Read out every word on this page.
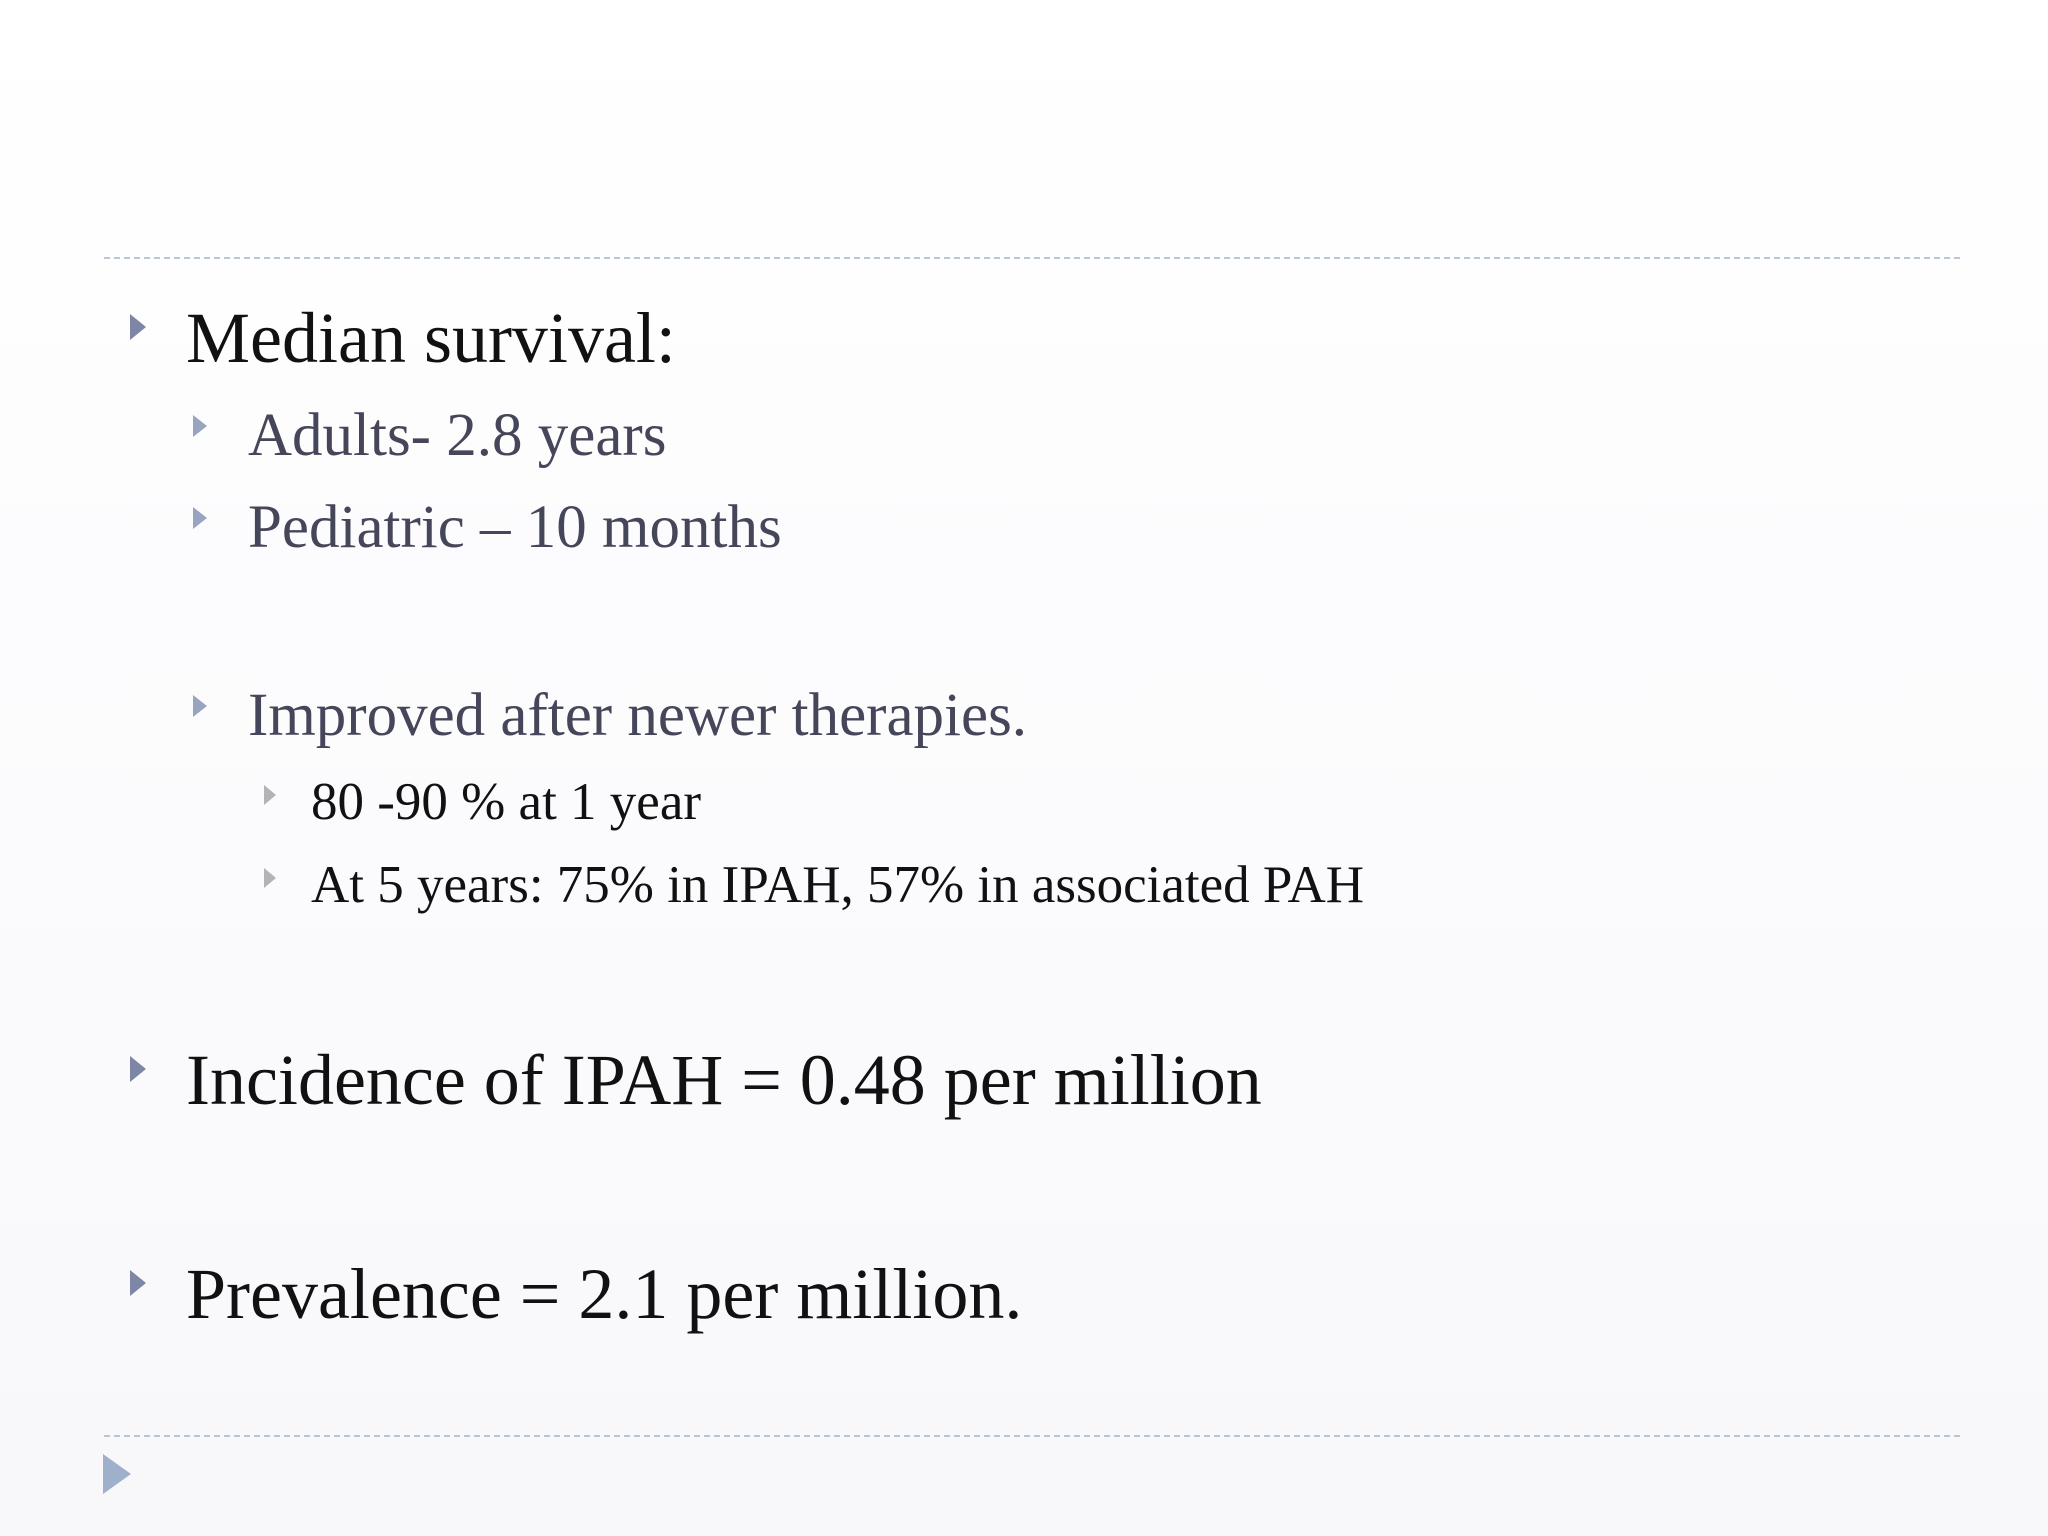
Median survival:
Adults- 2.8 years
Pediatric – 10 months
Improved after newer therapies.
80 -90 % at 1 year
At 5 years: 75% in IPAH, 57% in associated PAH
Incidence of IPAH = 0.48 per million
Prevalence = 2.1 per million.
